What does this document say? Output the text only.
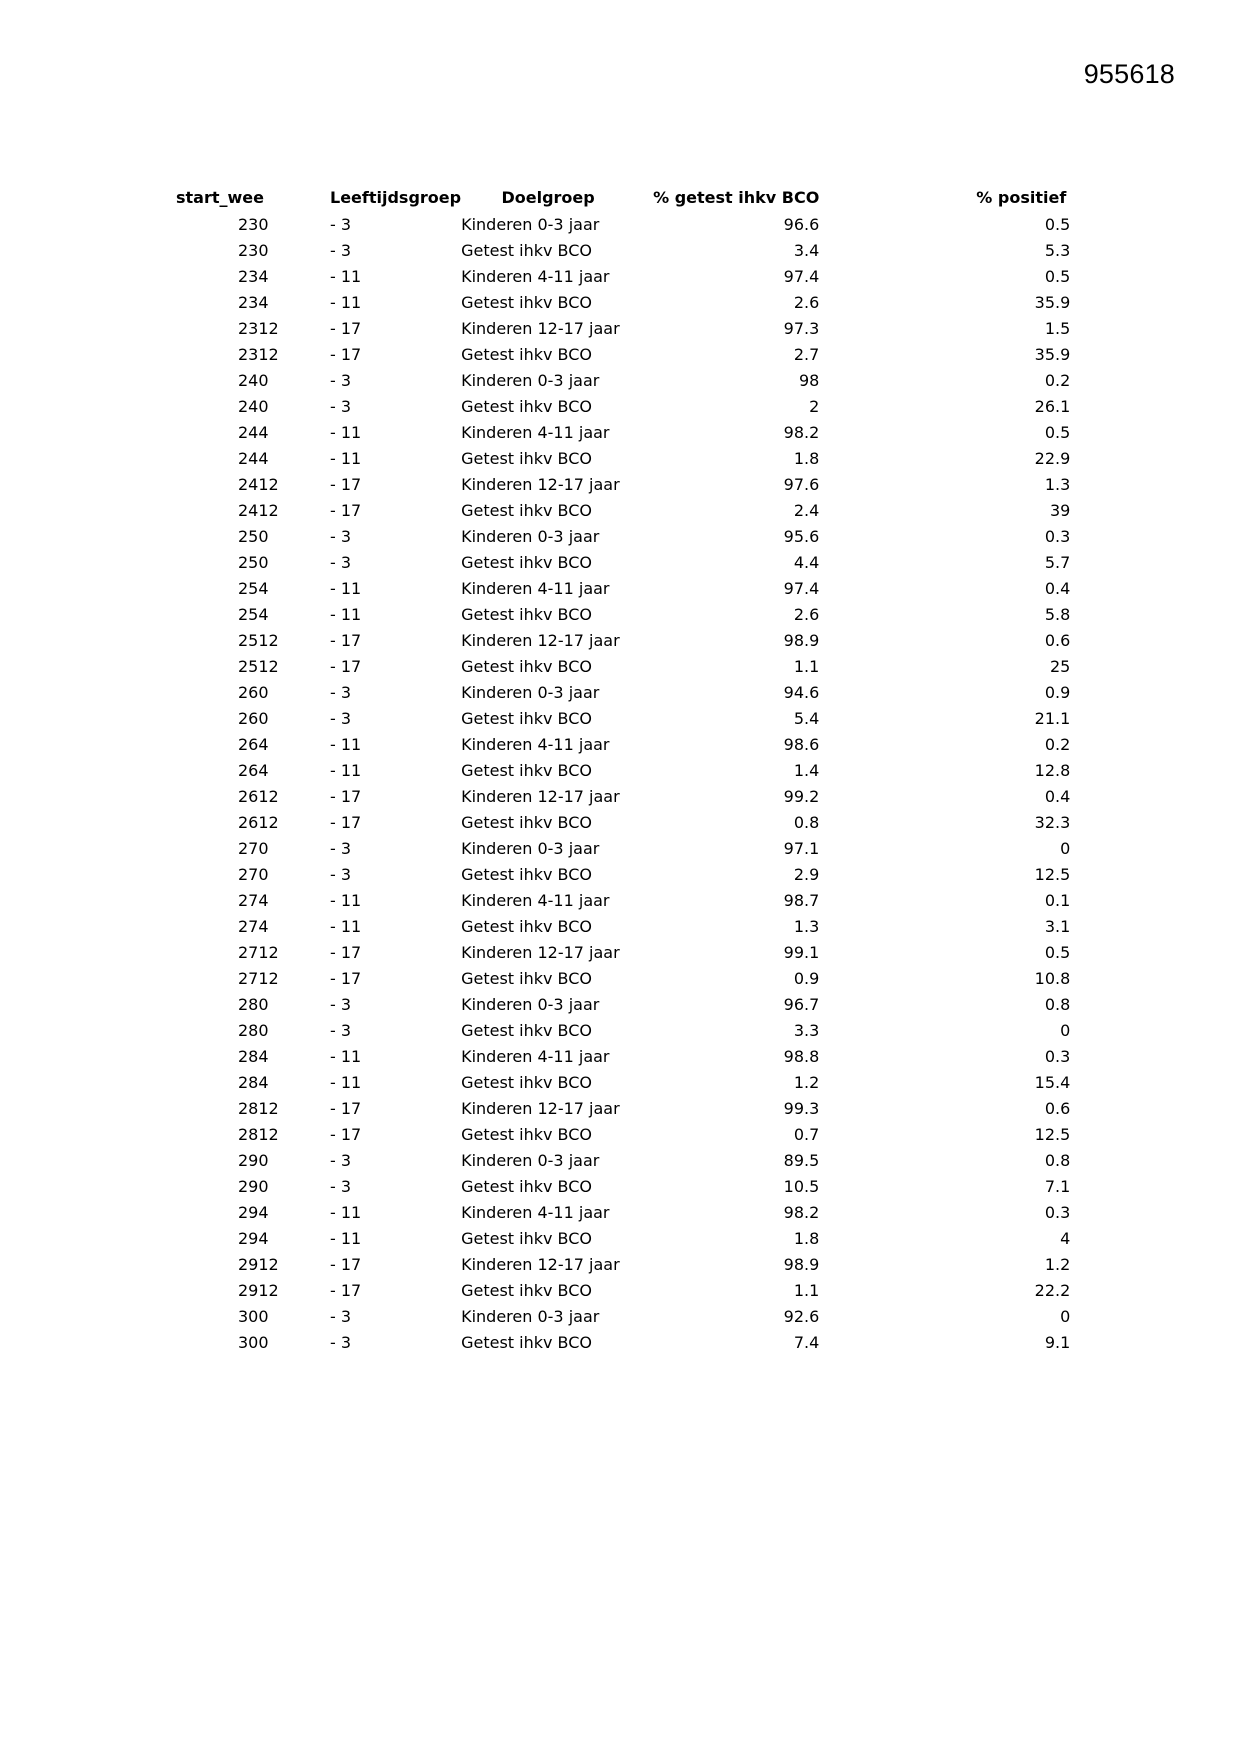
955618
start_wee	Leeftijdsgroep	Doelgroep	% getest ihkv BCO	% positief
230	- 3	Kinderen 0-3 jaar	96.6	0.5
230	- 3	Getest ihkv BCO	3.4	5.3
234	- 11	Kinderen 4-11 jaar	97.4	0.5
234	- 11	Getest ihkv BCO	2.6	35.9
2312	- 17	Kinderen 12-17 jaar	97.3	1.5
2312	- 17	Getest ihkv BCO	2.7	35.9
240	- 3	Kinderen 0-3 jaar	98	0.2
240	- 3	Getest ihkv BCO	2	26.1
244	- 11	Kinderen 4-11 jaar	98.2	0.5
244	- 11	Getest ihkv BCO	1.8	22.9
2412	- 17	Kinderen 12-17 jaar	97.6	1.3
2412	- 17	Getest ihkv BCO	2.4	39
250	- 3	Kinderen 0-3 jaar	95.6	0.3
250	- 3	Getest ihkv BCO	4.4	5.7
254	- 11	Kinderen 4-11 jaar	97.4	0.4
254	- 11	Getest ihkv BCO	2.6	5.8
2512	- 17	Kinderen 12-17 jaar	98.9	0.6
2512	- 17	Getest ihkv BCO	1.1	25
260	- 3	Kinderen 0-3 jaar	94.6	0.9
260	- 3	Getest ihkv BCO	5.4	21.1
264	- 11	Kinderen 4-11 jaar	98.6	0.2
264	- 11	Getest ihkv BCO	1.4	12.8
2612	- 17	Kinderen 12-17 jaar	99.2	0.4
2612	- 17	Getest ihkv BCO	0.8	32.3
270	- 3	Kinderen 0-3 jaar	97.1	0
270	- 3	Getest ihkv BCO	2.9	12.5
274	- 11	Kinderen 4-11 jaar	98.7	0.1
274	- 11	Getest ihkv BCO	1.3	3.1
2712	- 17	Kinderen 12-17 jaar	99.1	0.5
2712	- 17	Getest ihkv BCO	0.9	10.8
280	- 3	Kinderen 0-3 jaar	96.7	0.8
280	- 3	Getest ihkv BCO	3.3	0
284	- 11	Kinderen 4-11 jaar	98.8	0.3
284	- 11	Getest ihkv BCO	1.2	15.4
2812	- 17	Kinderen 12-17 jaar	99.3	0.6
2812	- 17	Getest ihkv BCO	0.7	12.5
290	- 3	Kinderen 0-3 jaar	89.5	0.8
290	- 3	Getest ihkv BCO	10.5	7.1
294	- 11	Kinderen 4-11 jaar	98.2	0.3
294	- 11	Getest ihkv BCO	1.8	4
2912	- 17	Kinderen 12-17 jaar	98.9	1.2
2912	- 17	Getest ihkv BCO	1.1	22.2
300	- 3	Kinderen 0-3 jaar	92.6	0
300	- 3	Getest ihkv BCO	7.4	9.1
